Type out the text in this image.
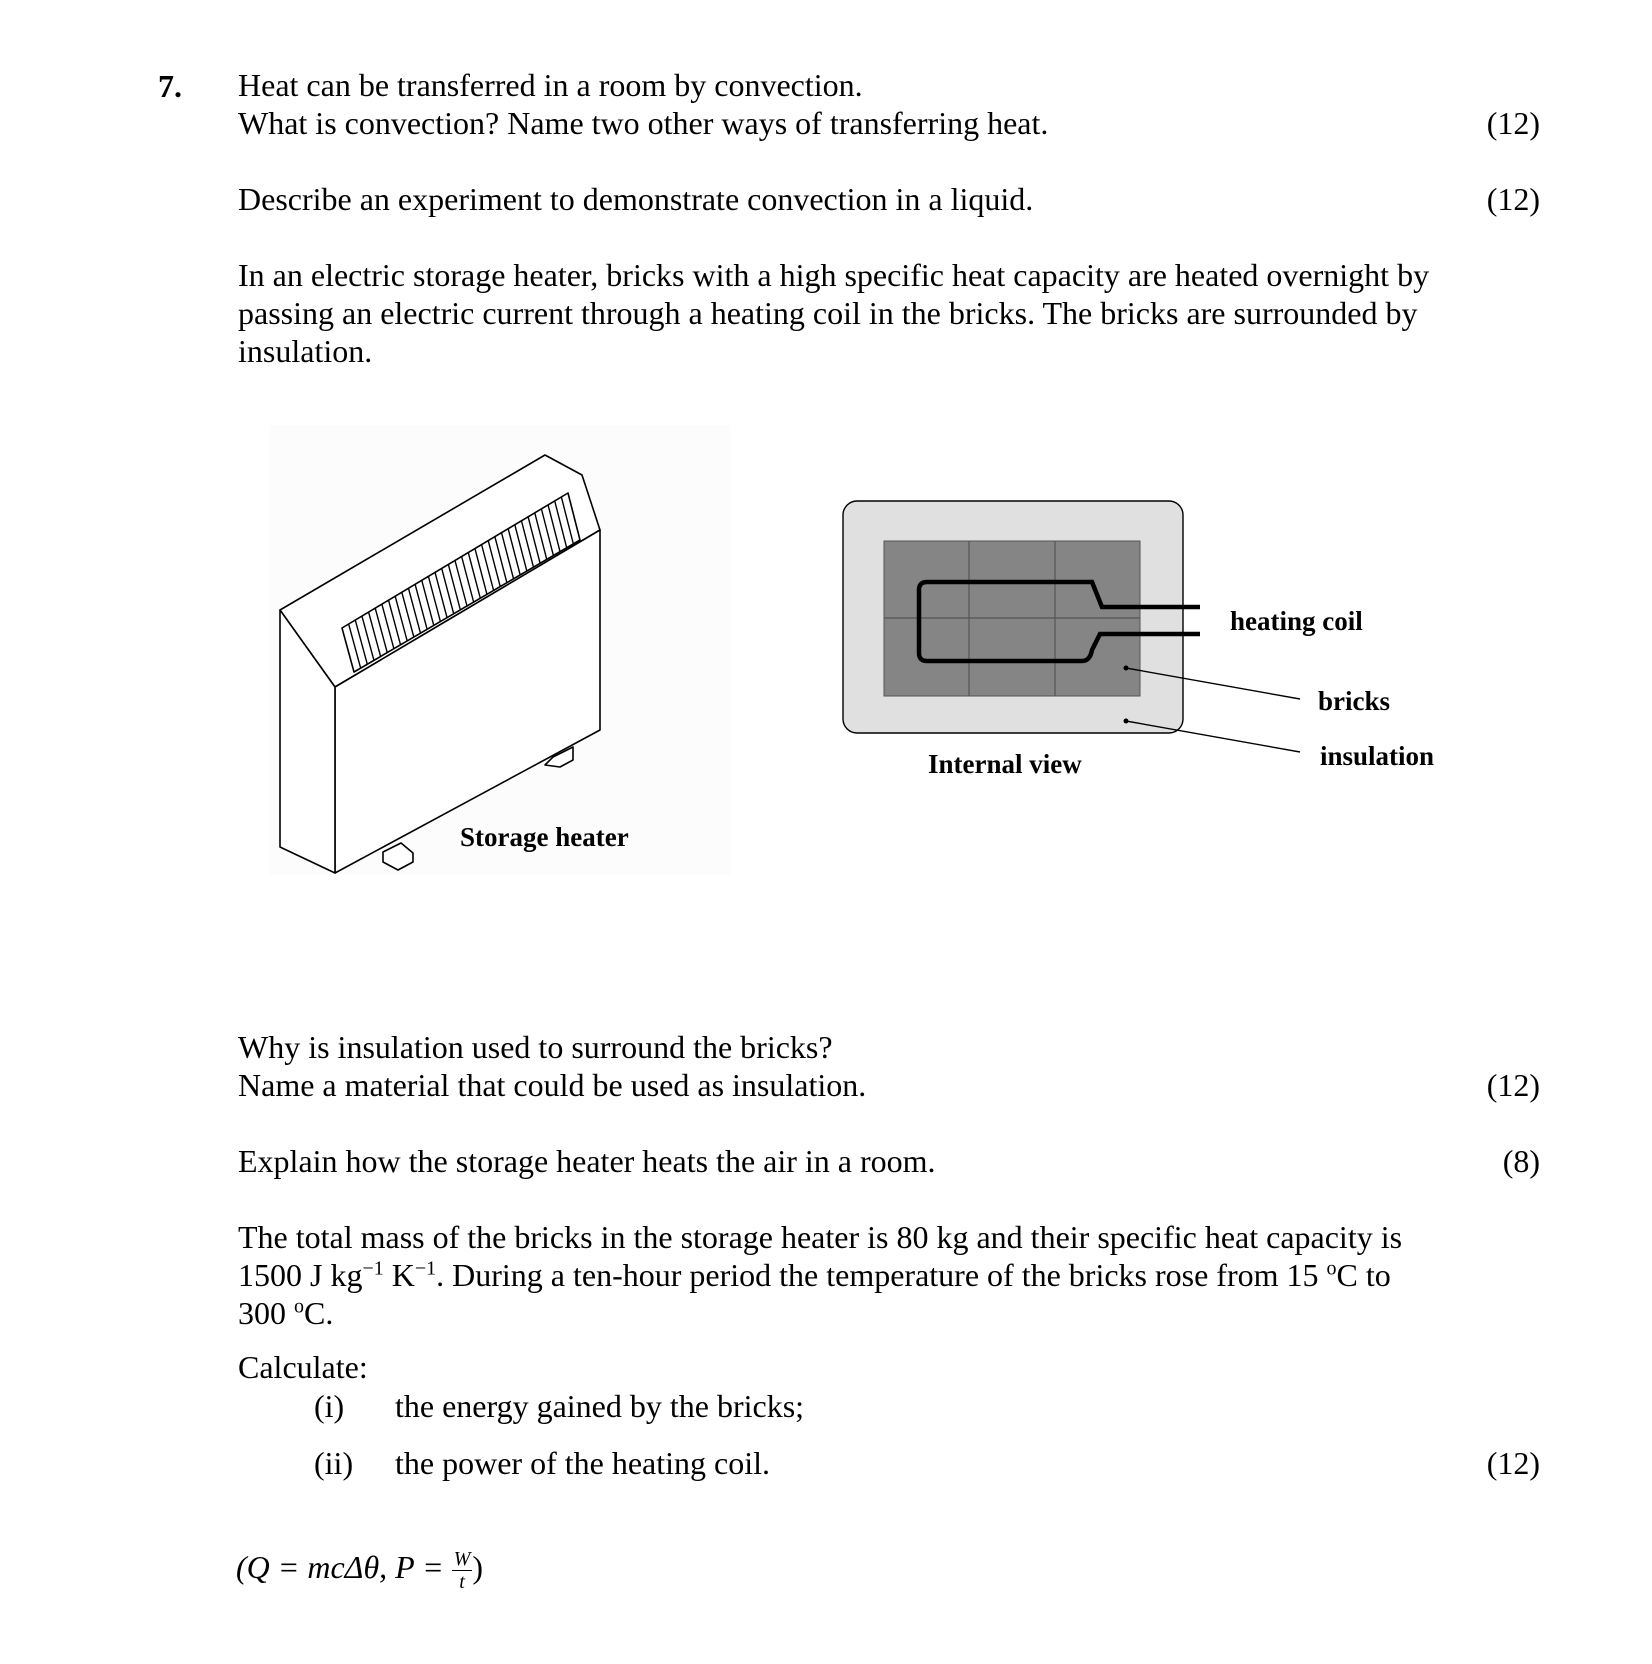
7. Heat can be transferred in a room by convection.
What is convection? Name two other ways of transferring heat.	(12)
Describe an experiment to demonstrate convection in a liquid.	(12)
In an electric storage heater, bricks with a high specific heat capacity are heated overnight by
passing an electric current through a heating coil in the bricks. The bricks are surrounded by
insulation.
Storage heater
heating coil
bricks
insulation
Internal view
Why is insulation used to surround the bricks?
Name a material that could be used as insulation.	(12)
Explain how the storage heater heats the air in a room.	(8)
The total mass of the bricks in the storage heater is 80 kg and their specific heat capacity is
1500 J $kg^{-1}$ $K^{-1}$. During a ten-hour period the temperature of the bricks rose from 15 $^o$C to
300 $^o$C.
Calculate:
(i) the energy gained by the bricks;
(ii) the power of the heating coil.	(12)
(Q = mcΔθ, $P = \frac{W}{t}$ )
